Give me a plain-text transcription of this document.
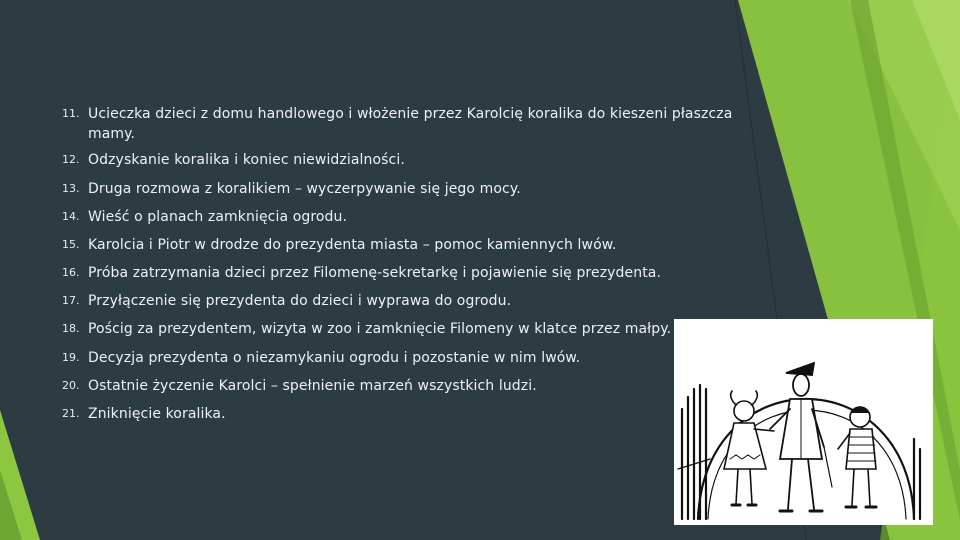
11. Ucieczka dzieci z domu handlowego i włożenie przez Karolcię koralika do kieszeni płaszcza mamy.
12. Odzyskanie koralika i koniec niewidzialności.
13. Druga rozmowa z koralikiem – wyczerpywanie się jego mocy.
14. Wieść o planach zamknięcia ogrodu.
15. Karolcia i Piotr w drodze do prezydenta miasta – pomoc kamiennych lwów.
16. Próba zatrzymania dzieci przez Filomenę-sekretarkę i pojawienie się prezydenta.
17. Przyłączenie się prezydenta do dzieci i wyprawa do ogrodu.
18. Pościg za prezydentem, wizyta w zoo i zamknięcie Filomeny w klatce przez małpy.
19. Decyzja prezydenta o niezamykaniu ogrodu i pozostanie w nim lwów.
20. Ostatnie życzenie Karolci – spełnienie marzeń wszystkich ludzi.
21. Zniknięcie koralika.
